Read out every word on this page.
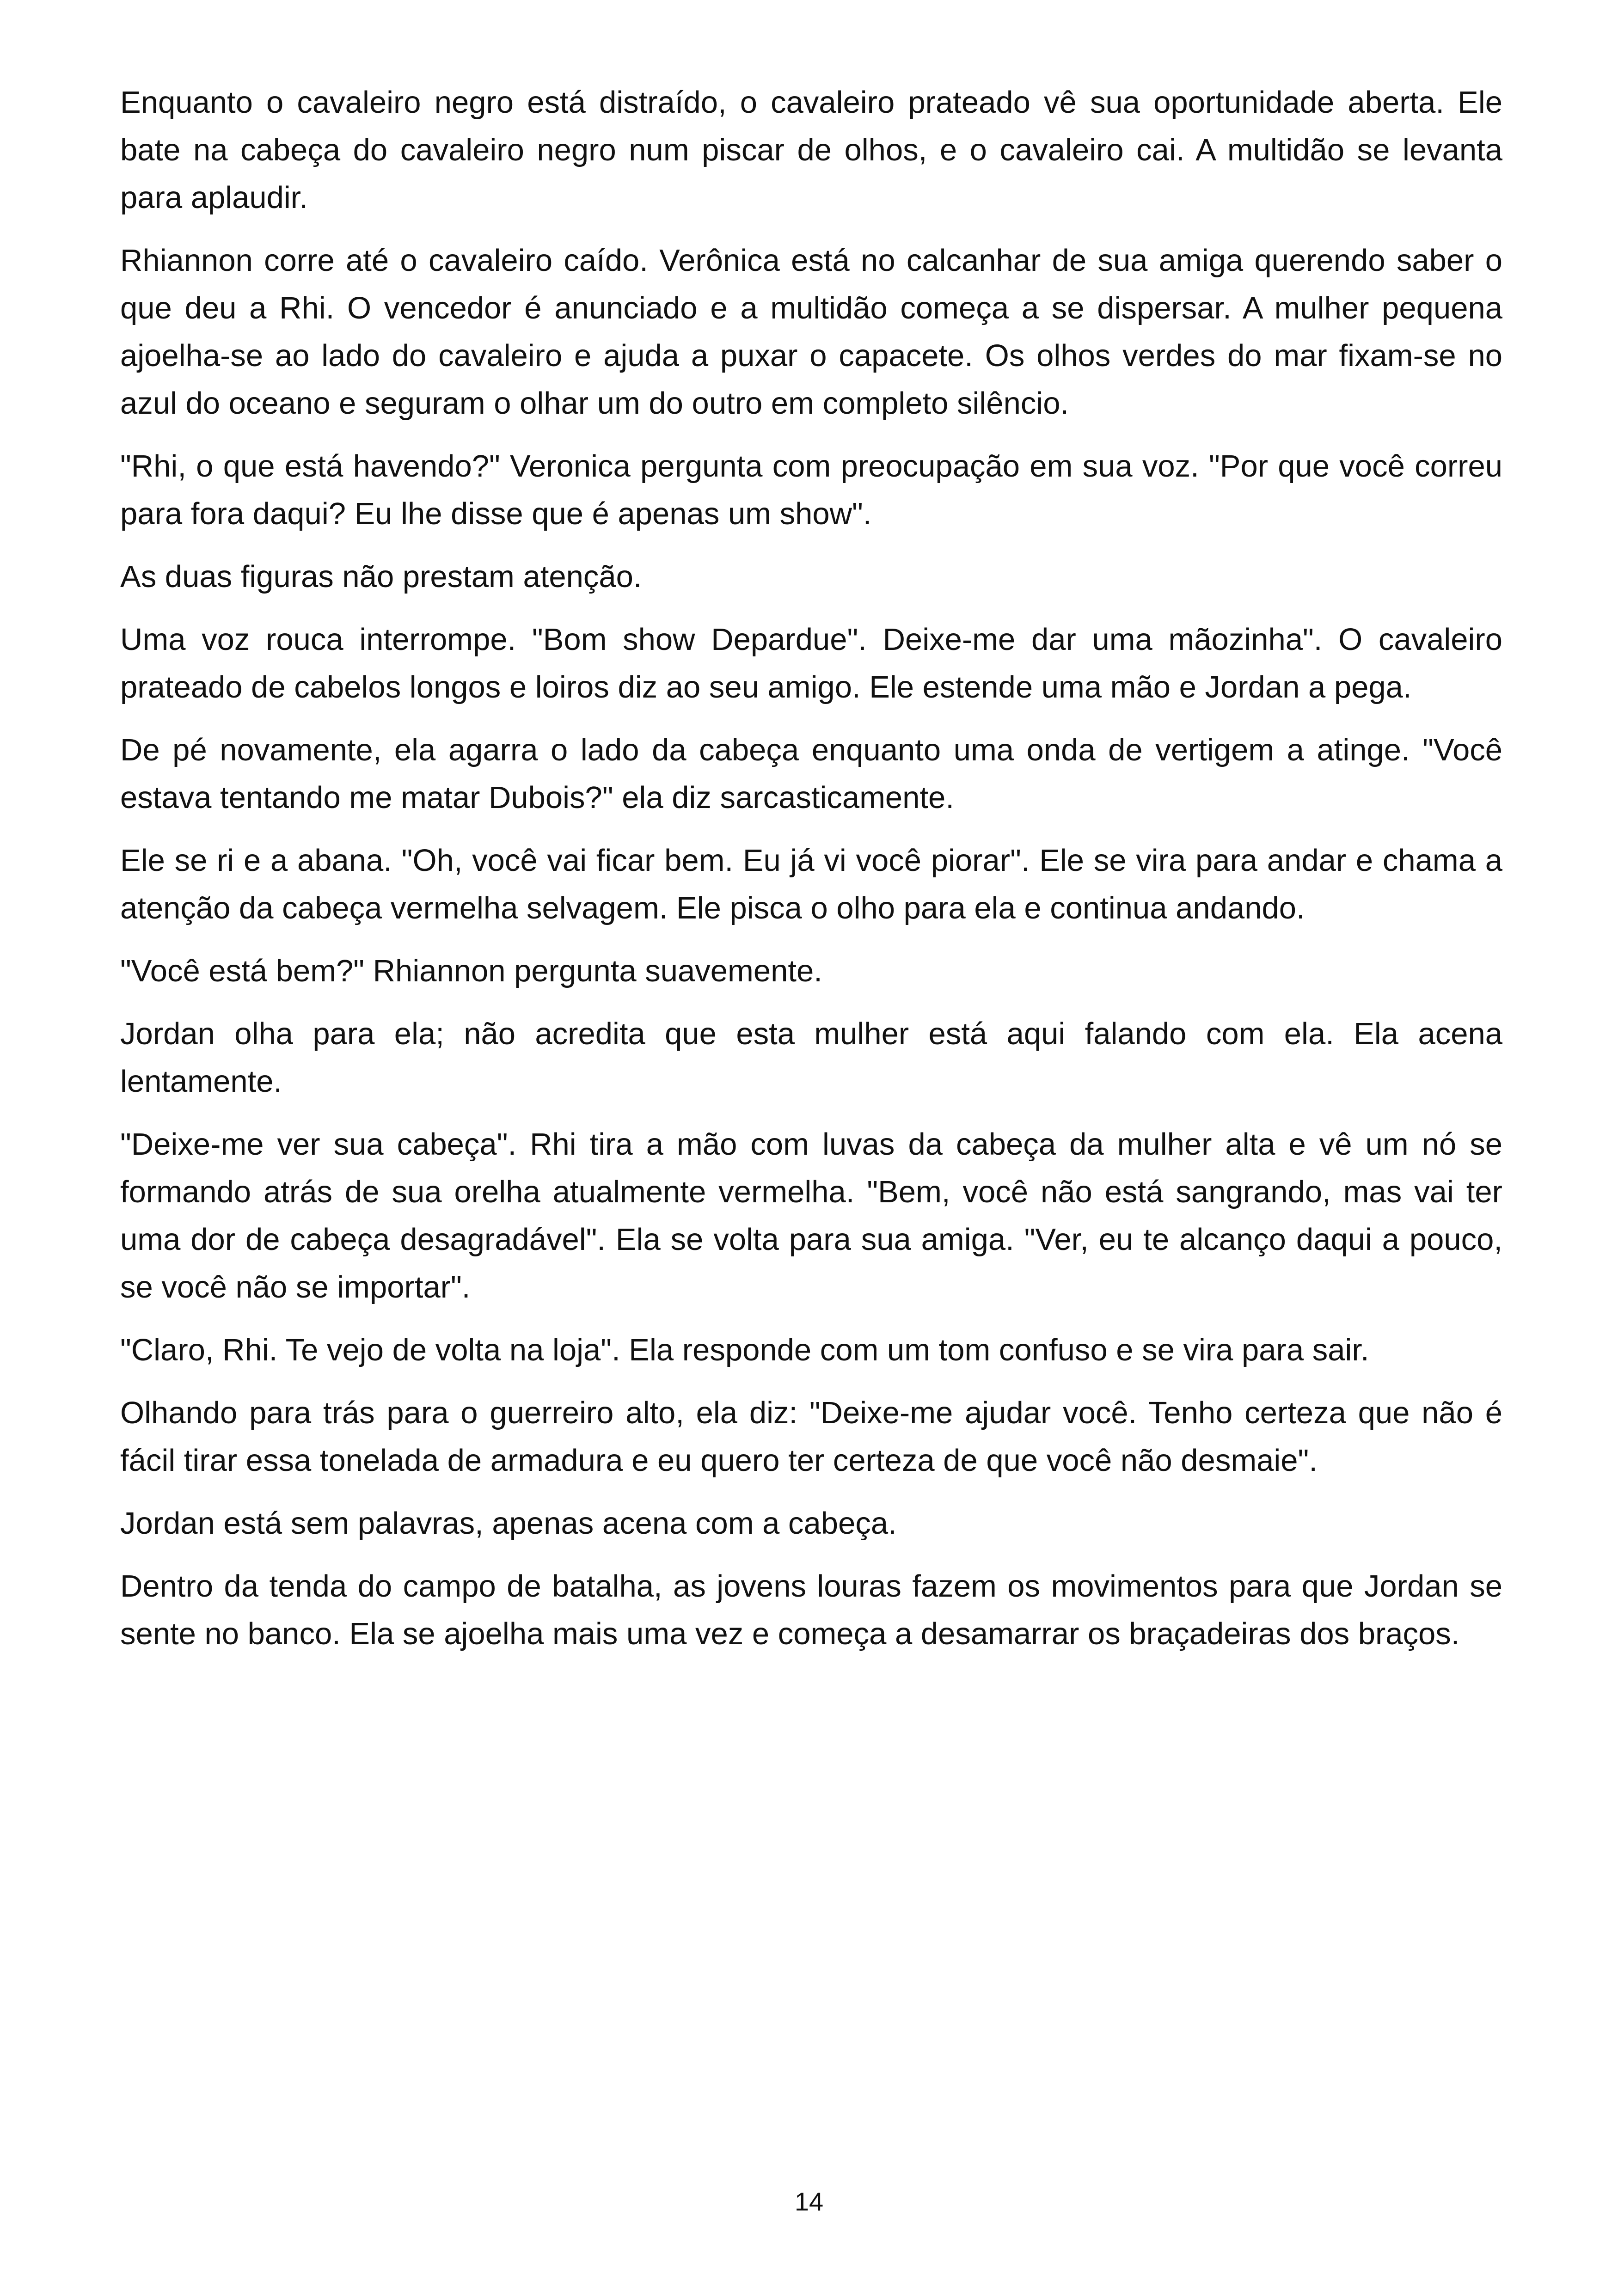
Enquanto o cavaleiro negro está distraído, o cavaleiro prateado vê sua oportunidade aberta. Ele bate na cabeça do cavaleiro negro num piscar de olhos, e o cavaleiro cai. A multidão se levanta para aplaudir.

Rhiannon corre até o cavaleiro caído. Verônica está no calcanhar de sua amiga querendo saber o que deu a Rhi. O vencedor é anunciado e a multidão começa a se dispersar. A mulher pequena ajoelha-se ao lado do cavaleiro e ajuda a puxar o capacete. Os olhos verdes do mar fixam-se no azul do oceano e seguram o olhar um do outro em completo silêncio.

"Rhi, o que está havendo?" Veronica pergunta com preocupação em sua voz. "Por que você correu para fora daqui? Eu lhe disse que é apenas um show".

As duas figuras não prestam atenção.

Uma voz rouca interrompe. "Bom show Depardue". Deixe-me dar uma mãozinha". O cavaleiro prateado de cabelos longos e loiros diz ao seu amigo. Ele estende uma mão e Jordan a pega.

De pé novamente, ela agarra o lado da cabeça enquanto uma onda de vertigem a atinge. "Você estava tentando me matar Dubois?" ela diz sarcasticamente.

Ele se ri e a abana. "Oh, você vai ficar bem. Eu já vi você piorar". Ele se vira para andar e chama a atenção da cabeça vermelha selvagem. Ele pisca o olho para ela e continua andando.

"Você está bem?" Rhiannon pergunta suavemente.

Jordan olha para ela; não acredita que esta mulher está aqui falando com ela. Ela acena lentamente.

"Deixe-me ver sua cabeça". Rhi tira a mão com luvas da cabeça da mulher alta e vê um nó se formando atrás de sua orelha atualmente vermelha. "Bem, você não está sangrando, mas vai ter uma dor de cabeça desagradável". Ela se volta para sua amiga. "Ver, eu te alcanço daqui a pouco, se você não se importar".

"Claro, Rhi. Te vejo de volta na loja". Ela responde com um tom confuso e se vira para sair.

Olhando para trás para o guerreiro alto, ela diz: "Deixe-me ajudar você. Tenho certeza que não é fácil tirar essa tonelada de armadura e eu quero ter certeza de que você não desmaie".

Jordan está sem palavras, apenas acena com a cabeça.

Dentro da tenda do campo de batalha, as jovens louras fazem os movimentos para que Jordan se sente no banco. Ela se ajoelha mais uma vez e começa a desamarrar os braçadeiras dos braços.

14
